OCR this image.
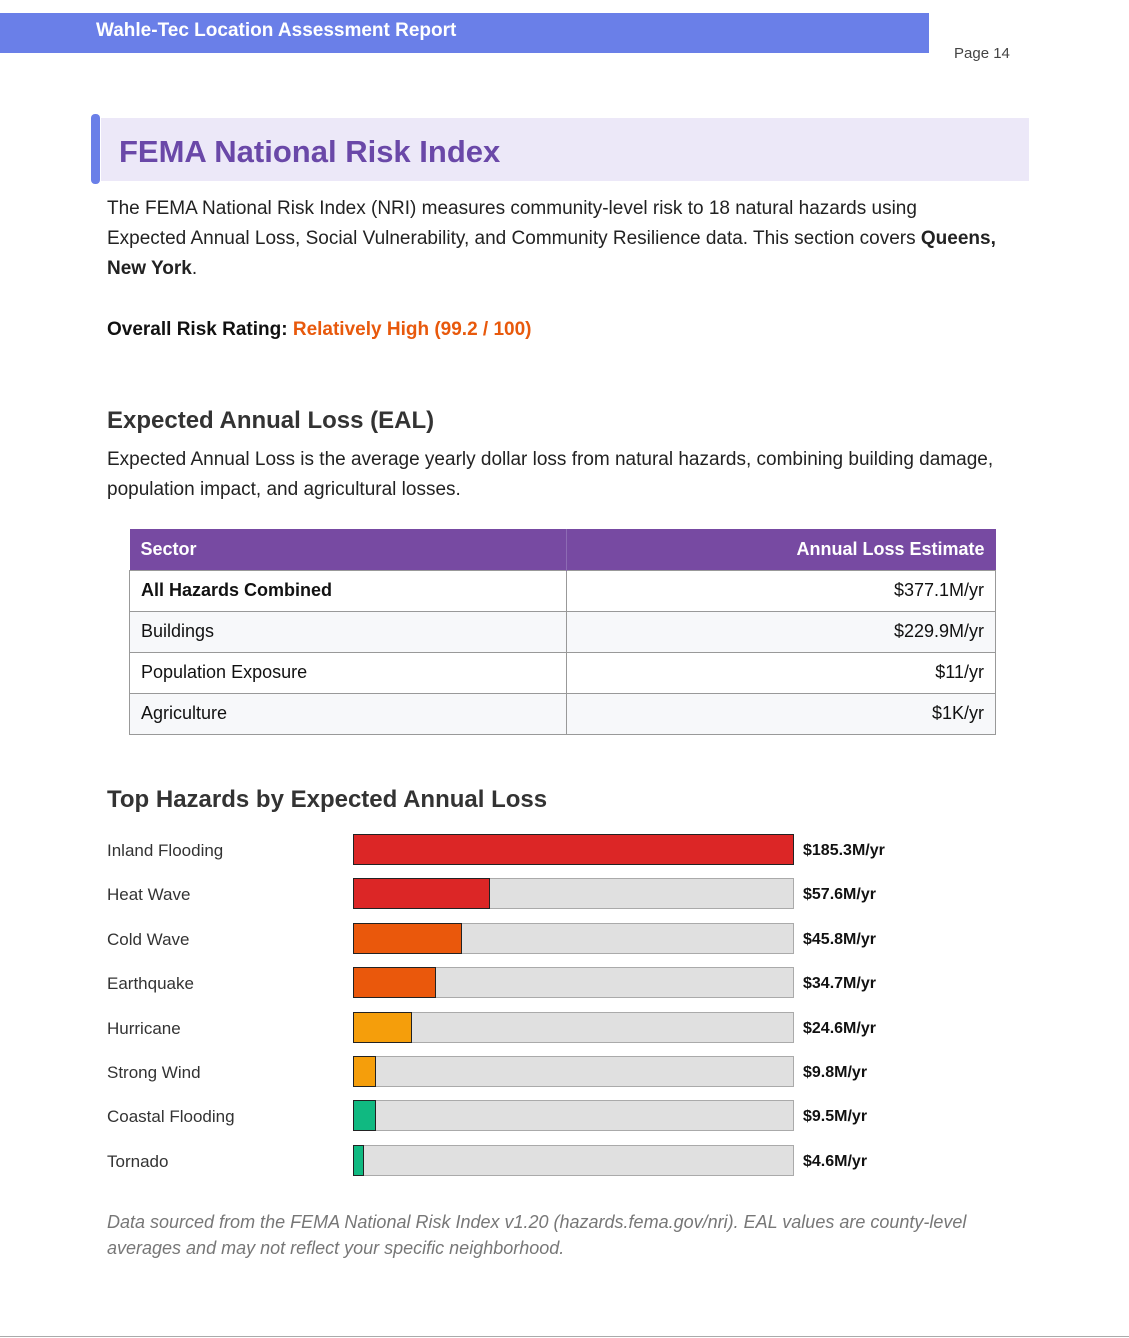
Wahle-Tec Location Assessment Report
Page 14
FEMA National Risk Index
The FEMA National Risk Index (NRI) measures community-level risk to 18 natural hazards using Expected Annual Loss, Social Vulnerability, and Community Resilience data. This section covers Queens, New York.
Overall Risk Rating: Relatively High (99.2 / 100)
Expected Annual Loss (EAL)
Expected Annual Loss is the average yearly dollar loss from natural hazards, combining building damage, population impact, and agricultural losses.
Sector	Annual Loss Estimate
All Hazards Combined	$377.1M/yr
Buildings	$229.9M/yr
Population Exposure	$11/yr
Agriculture	$1K/yr
Top Hazards by Expected Annual Loss
Inland Flooding	$185.3M/yr
Heat Wave	$57.6M/yr
Cold Wave	$45.8M/yr
Earthquake	$34.7M/yr
Hurricane	$24.6M/yr
Strong Wind	$9.8M/yr
Coastal Flooding	$9.5M/yr
Tornado	$4.6M/yr
Data sourced from the FEMA National Risk Index v1.20 (hazards.fema.gov/nri). EAL values are county-level averages and may not reflect your specific neighborhood.
